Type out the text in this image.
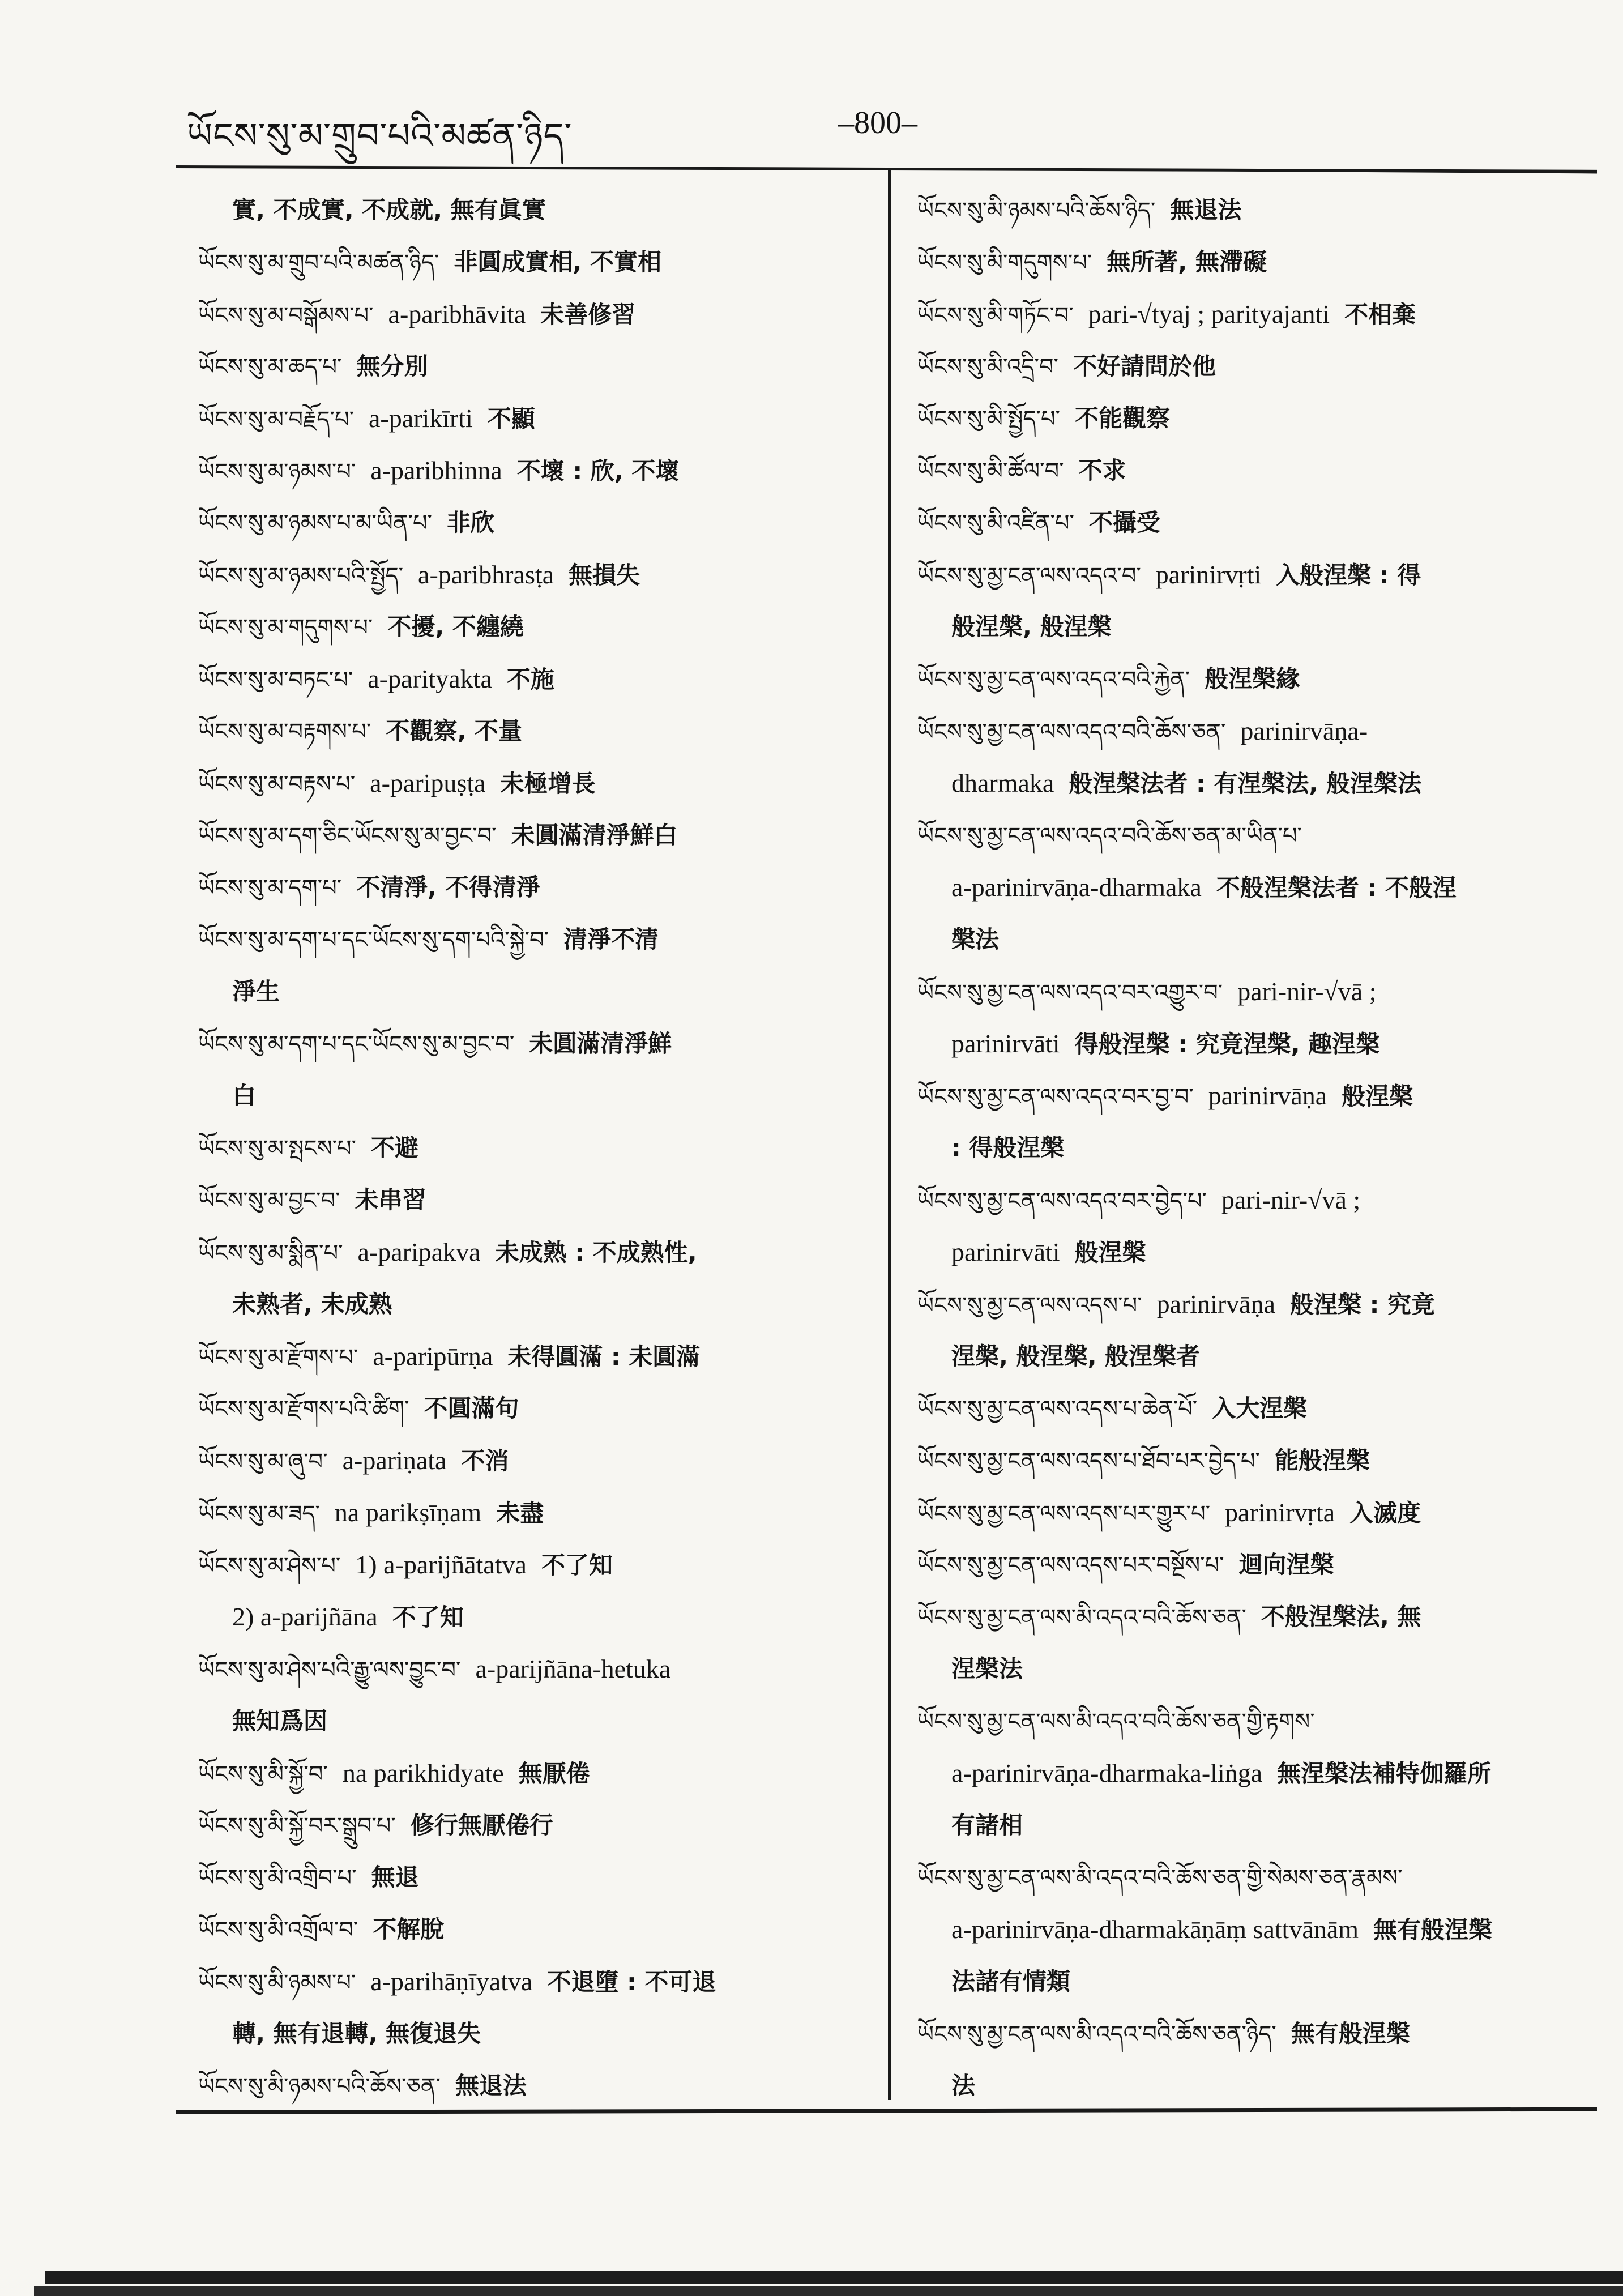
ཡོངས་སུ་མ་གྲུབ་པའི་མཚན་ཉིད་	–800–
實, 不成實, 不成就, 無有眞實
ཡོངས་སུ་མ་གྲུབ་པའི་མཚན་ཉིད་ 非圓成實相, 不實相
ཡོངས་སུ་མ་བསྒོམས་པ་ a-paribhāvita 未善修習
ཡོངས་སུ་མ་ཆད་པ་ 無分別
ཡོངས་སུ་མ་བརྗོད་པ་ a-parikīrti 不顯
ཡོངས་སུ་མ་ཉམས་པ་ a-paribhinna 不壞 : 欣, 不壞
ཡོངས་སུ་མ་ཉམས་པ་མ་ཡིན་པ་ 非欣
ཡོངས་སུ་མ་ཉམས་པའི་སྤྱོད་ a-paribhrasṭa 無損失
ཡོངས་སུ་མ་གདུགས་པ་ 不擾, 不纏繞
ཡོངས་སུ་མ་བཏང་པ་ a-parityakta 不施
ཡོངས་སུ་མ་བརྟགས་པ་ 不觀察, 不量
ཡོངས་སུ་མ་བརྟས་པ་ a-paripuṣṭa 未極增長
ཡོངས་སུ་མ་དག་ཅིང་ཡོངས་སུ་མ་བྱང་བ་ 未圓滿清淨鮮白
ཡོངས་སུ་མ་དག་པ་ 不清淨, 不得清淨
ཡོངས་སུ་མ་དག་པ་དང་ཡོངས་སུ་དག་པའི་སྐྱེ་བ་ 清淨不清
淨生
ཡོངས་སུ་མ་དག་པ་དང་ཡོངས་སུ་མ་བྱང་བ་ 未圓滿清淨鮮
白
ཡོངས་སུ་མ་སྤངས་པ་ 不避
ཡོངས་སུ་མ་བྱང་བ་ 未串習
ཡོངས་སུ་མ་སྨིན་པ་ a-paripakva 未成熟 : 不成熟性,
未熟者, 未成熟
ཡོངས་སུ་མ་རྫོགས་པ་ a-paripūrṇa 未得圓滿 : 未圓滿
ཡོངས་སུ་མ་རྫོགས་པའི་ཚིག་ 不圓滿句
ཡོངས་སུ་མ་ཞུ་བ་ a-pariṇata 不消
ཡོངས་སུ་མ་ཟད་ na parikṣīṇam 未盡
ཡོངས་སུ་མ་ཤེས་པ་ 1) a-parijñātatva 不了知
2) a-parijñāna 不了知
ཡོངས་སུ་མ་ཤེས་པའི་རྒྱུ་ལས་བྱུང་བ་ a-parijñāna-hetuka
無知爲因
ཡོངས་སུ་མི་སྐྱོ་བ་ na parikhidyate 無厭倦
ཡོངས་སུ་མི་སྐྱོ་བར་སྒྲུབ་པ་ 修行無厭倦行
ཡོངས་སུ་མི་འགྲིབ་པ་ 無退
ཡོངས་སུ་མི་འགྲོལ་བ་ 不解脫
ཡོངས་སུ་མི་ཉམས་པ་ a-parihāṇīyatva 不退墮 : 不可退
轉, 無有退轉, 無復退失
ཡོངས་སུ་མི་ཉམས་པའི་ཆོས་ཅན་ 無退法
ཡོངས་སུ་མི་ཉམས་པའི་ཆོས་ཉིད་ 無退法
ཡོངས་སུ་མི་གདུགས་པ་ 無所著, 無滯礙
ཡོངས་སུ་མི་གཏོང་བ་ pari-√tyaj ; parityajanti 不相棄
ཡོངས་སུ་མི་འདྲི་བ་ 不好請問於他
ཡོངས་སུ་མི་སྤྱོད་པ་ 不能觀察
ཡོངས་སུ་མི་ཚོལ་བ་ 不求
ཡོངས་སུ་མི་འཛིན་པ་ 不攝受
ཡོངས་སུ་མྱ་ངན་ལས་འདའ་བ་ parinirvṛti 入般涅槃 : 得
般涅槃, 般涅槃
ཡོངས་སུ་མྱ་ངན་ལས་འདའ་བའི་རྐྱེན་ 般涅槃緣
ཡོངས་སུ་མྱ་ངན་ལས་འདའ་བའི་ཆོས་ཅན་ parinirvāṇa-
dharmaka 般涅槃法者 : 有涅槃法, 般涅槃法
ཡོངས་སུ་མྱ་ངན་ལས་འདའ་བའི་ཆོས་ཅན་མ་ཡིན་པ་
a-parinirvāṇa-dharmaka 不般涅槃法者 : 不般涅
槃法
ཡོངས་སུ་མྱ་ངན་ལས་འདའ་བར་འགྱུར་བ་ pari-nir-√vā ;
parinirvāti 得般涅槃 : 究竟涅槃, 趣涅槃
ཡོངས་སུ་མྱ་ངན་ལས་འདའ་བར་བྱ་བ་ parinirvāṇa 般涅槃
: 得般涅槃
ཡོངས་སུ་མྱ་ངན་ལས་འདའ་བར་བྱེད་པ་ pari-nir-√vā ;
parinirvāti 般涅槃
ཡོངས་སུ་མྱ་ངན་ལས་འདས་པ་ parinirvāṇa 般涅槃 : 究竟
涅槃, 般涅槃, 般涅槃者
ཡོངས་སུ་མྱ་ངན་ལས་འདས་པ་ཆེན་པོ་ 入大涅槃
ཡོངས་སུ་མྱ་ངན་ལས་འདས་པ་ཐོབ་པར་བྱེད་པ་ 能般涅槃
ཡོངས་སུ་མྱ་ངན་ལས་འདས་པར་གྱུར་པ་ parinirvṛta 入滅度
ཡོངས་སུ་མྱ་ངན་ལས་འདས་པར་བསྔོས་པ་ 迴向涅槃
ཡོངས་སུ་མྱ་ངན་ལས་མི་འདའ་བའི་ཆོས་ཅན་ 不般涅槃法, 無
涅槃法
ཡོངས་སུ་མྱ་ངན་ལས་མི་འདའ་བའི་ཆོས་ཅན་གྱི་རྟགས་
a-parinirvāṇa-dharmaka-liṅga 無涅槃法補特伽羅所
有諸相
ཡོངས་སུ་མྱ་ངན་ལས་མི་འདའ་བའི་ཆོས་ཅན་གྱི་སེམས་ཅན་རྣམས་
a-parinirvāṇa-dharmakāṇāṃ sattvānām 無有般涅槃
法諸有情類
ཡོངས་སུ་མྱ་ངན་ལས་མི་འདའ་བའི་ཆོས་ཅན་ཉིད་ 無有般涅槃
法
